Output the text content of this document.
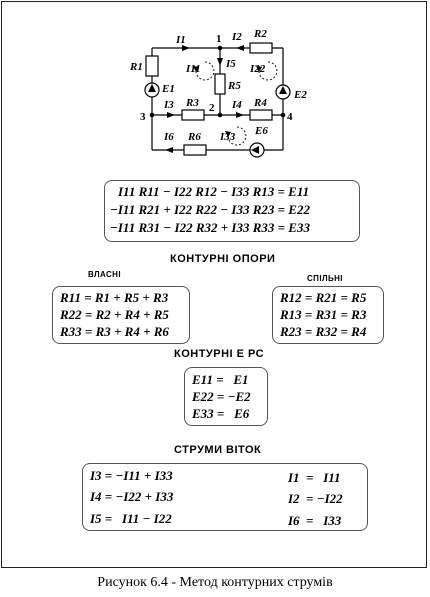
I1	I2 R2
R1
E1
I11 I5
R5
I22
E2
I3 R3	R4
I4
I6 R6 I33 E6
1
2
3	4
I11 R11 − I22 R12 − I33 R13 = E11
−I11 R21 + I22 R22 − I33 R23 = E22
−I11 R31 − I22 R32 + I33 R33 = E33
КОНТУРНІ ОПОРИ
ВЛАСНІ	СПІЛЬНІ
R11 = R1 + R5 + R3
R22 = R2 + R4 + R5
R33 = R3 + R4 + R6
R12 = R21 = R5
R13 = R31 = R3
R23 = R32 = R4
КОНТУРНІ Е РС
E11 =   E1
E22 = −E2
E33 =   E6
СТРУМИ ВІТОК
I3 = −I11 + I33
I4 = −I22 + I33
I5 =   I11 − I22
I1  =   I11
I2  = −I22
I6  =   I33
Рисунок 6.4 - Метод контурних струмів
